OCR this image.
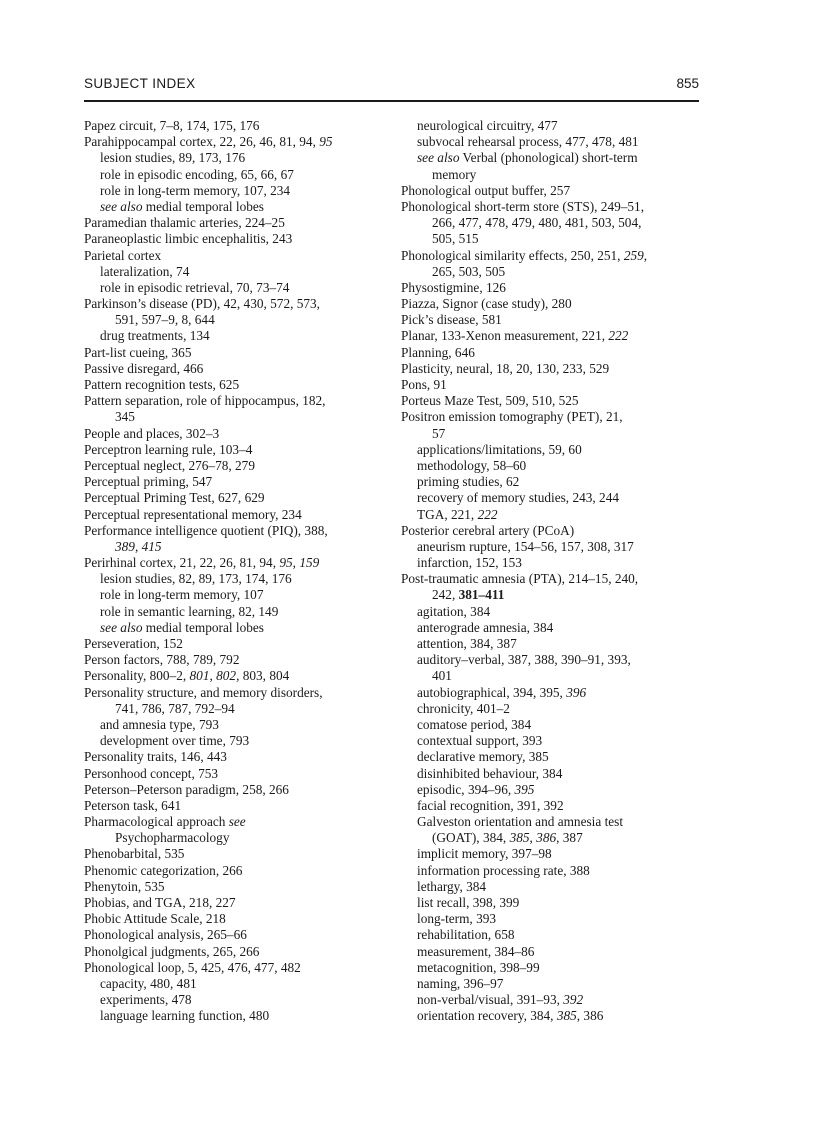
SUBJECT INDEX	855
Papez circuit, 7–8, 174, 175, 176
Parahippocampal cortex, 22, 26, 46, 81, 94, 95
lesion studies, 89, 173, 176
role in episodic encoding, 65, 66, 67
role in long-term memory, 107, 234
see also medial temporal lobes
Paramedian thalamic arteries, 224–25
Paraneoplastic limbic encephalitis, 243
Parietal cortex
lateralization, 74
role in episodic retrieval, 70, 73–74
Parkinson’s disease (PD), 42, 430, 572, 573,
591, 597–9, 8, 644
drug treatments, 134
Part-list cueing, 365
Passive disregard, 466
Pattern recognition tests, 625
Pattern separation, role of hippocampus, 182,
345
People and places, 302–3
Perceptron learning rule, 103–4
Perceptual neglect, 276–78, 279
Perceptual priming, 547
Perceptual Priming Test, 627, 629
Perceptual representational memory, 234
Performance intelligence quotient (PIQ), 388,
389, 415
Perirhinal cortex, 21, 22, 26, 81, 94, 95, 159
lesion studies, 82, 89, 173, 174, 176
role in long-term memory, 107
role in semantic learning, 82, 149
see also medial temporal lobes
Perseveration, 152
Person factors, 788, 789, 792
Personality, 800–2, 801, 802, 803, 804
Personality structure, and memory disorders,
741, 786, 787, 792–94
and amnesia type, 793
development over time, 793
Personality traits, 146, 443
Personhood concept, 753
Peterson–Peterson paradigm, 258, 266
Peterson task, 641
Pharmacological approach see
Psychopharmacology
Phenobarbital, 535
Phenomic categorization, 266
Phenytoin, 535
Phobias, and TGA, 218, 227
Phobic Attitude Scale, 218
Phonological analysis, 265–66
Phonolgical judgments, 265, 266
Phonological loop, 5, 425, 476, 477, 482
capacity, 480, 481
experiments, 478
language learning function, 480
neurological circuitry, 477
subvocal rehearsal process, 477, 478, 481
see also Verbal (phonological) short-term
memory
Phonological output buffer, 257
Phonological short-term store (STS), 249–51,
266, 477, 478, 479, 480, 481, 503, 504,
505, 515
Phonological similarity effects, 250, 251, 259,
265, 503, 505
Physostigmine, 126
Piazza, Signor (case study), 280
Pick’s disease, 581
Planar, 133-Xenon measurement, 221, 222
Planning, 646
Plasticity, neural, 18, 20, 130, 233, 529
Pons, 91
Porteus Maze Test, 509, 510, 525
Positron emission tomography (PET), 21,
57
applications/limitations, 59, 60
methodology, 58–60
priming studies, 62
recovery of memory studies, 243, 244
TGA, 221, 222
Posterior cerebral artery (PCoA)
aneurism rupture, 154–56, 157, 308, 317
infarction, 152, 153
Post-traumatic amnesia (PTA), 214–15, 240,
242, 381–411
agitation, 384
anterograde amnesia, 384
attention, 384, 387
auditory–verbal, 387, 388, 390–91, 393,
401
autobiographical, 394, 395, 396
chronicity, 401–2
comatose period, 384
contextual support, 393
declarative memory, 385
disinhibited behaviour, 384
episodic, 394–96, 395
facial recognition, 391, 392
Galveston orientation and amnesia test
(GOAT), 384, 385, 386, 387
implicit memory, 397–98
information processing rate, 388
lethargy, 384
list recall, 398, 399
long-term, 393
rehabilitation, 658
measurement, 384–86
metacognition, 398–99
naming, 396–97
non-verbal/visual, 391–93, 392
orientation recovery, 384, 385, 386
